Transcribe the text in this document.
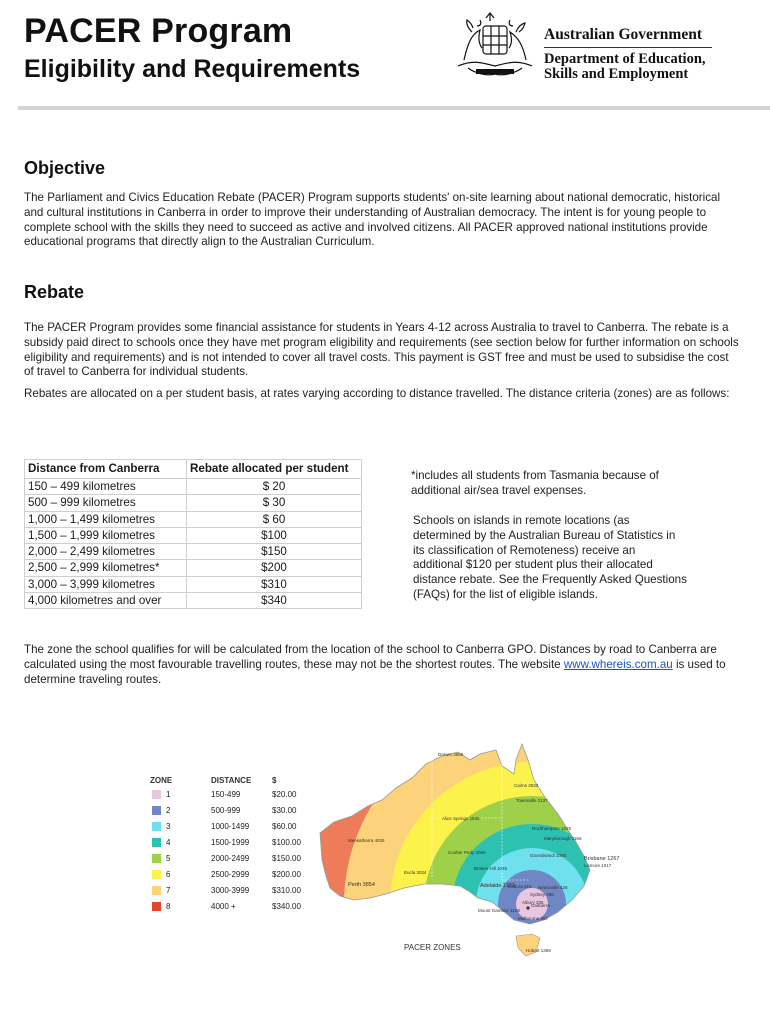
PACER Program
Eligibility and Requirements
Australian Government
Department of Education,
Skills and Employment
Objective

The Parliament and Civics Education Rebate (PACER) Program supports students' on-site learning about national democratic, historical and cultural institutions in Canberra in order to improve their understanding of Australian democracy. The intent is for young people to complete school with the skills they need to succeed as active and involved citizens. All PACER approved national institutions provide educational programs that directly align to the Australian Curriculum.

Rebate

The PACER Program provides some financial assistance for students in Years 4-12 across Australia to travel to Canberra. The rebate is a subsidy paid direct to schools once they have met program eligibility and requirements (see section below for further information on schools eligibility and requirements) and is not intended to cover all travel costs. This payment is GST free and must be used to subsidise the cost of travel to Canberra for individual students.

Rebates are allocated on a per student basis, at rates varying according to distance travelled. The distance criteria (zones) are as follows:

Distance from Canberra	Rebate allocated per student
150 – 499 kilometres	$ 20
500 – 999 kilometres	$ 30
1,000 – 1,499 kilometres	$ 60
1,500 – 1,999 kilometres	$100
2,000 – 2,499 kilometres	$150
2,500 – 2,999 kilometres*	$200
3,000 – 3,999 kilometres	$310
4,000 kilometres and over	$340

*includes all students from Tasmania because of additional air/sea travel expenses.

Schools on islands in remote locations (as determined by the Australian Bureau of Statistics in its classification of Remoteness) receive an additional $120 per student plus their allocated distance rebate. See the Frequently Asked Questions (FAQs) for the list of eligible islands.

The zone the school qualifies for will be calculated from the location of the school to Canberra GPO. Distances by road to Canberra are calculated using the most favourable travelling routes, these may not be the shortest routes. The website www.whereis.com.au is used to determine traveling routes.

ZONE	DISTANCE	$
1	150-499	$20.00
2	500-999	$30.00
3	1000-1499	$60.00
4	1500-1999	$100.00
5	2000-2499	$150.00
6	2500-2999	$200.00
7	3000-3999	$310.00
8	4000 +	$340.00
Darwin 3969
Cairns 2533
Townsville 2137
Alice Springs 2886
Rockhampton 1625
Maryborough 1166
Meekatharra 4026
Coober Pedy 2060
Goondiwindi 1000
Brisbane 1267
Lismore 1017
Perth 3854
Eucla 3024
Broken Hill 1025
Adelaide 1183
Mildura 818 Newcastle 426
Sydney 286
Albury 335
Canberra
Melbourne 667
Mount Gambier 1108
Hobart 1369
PACER ZONES
